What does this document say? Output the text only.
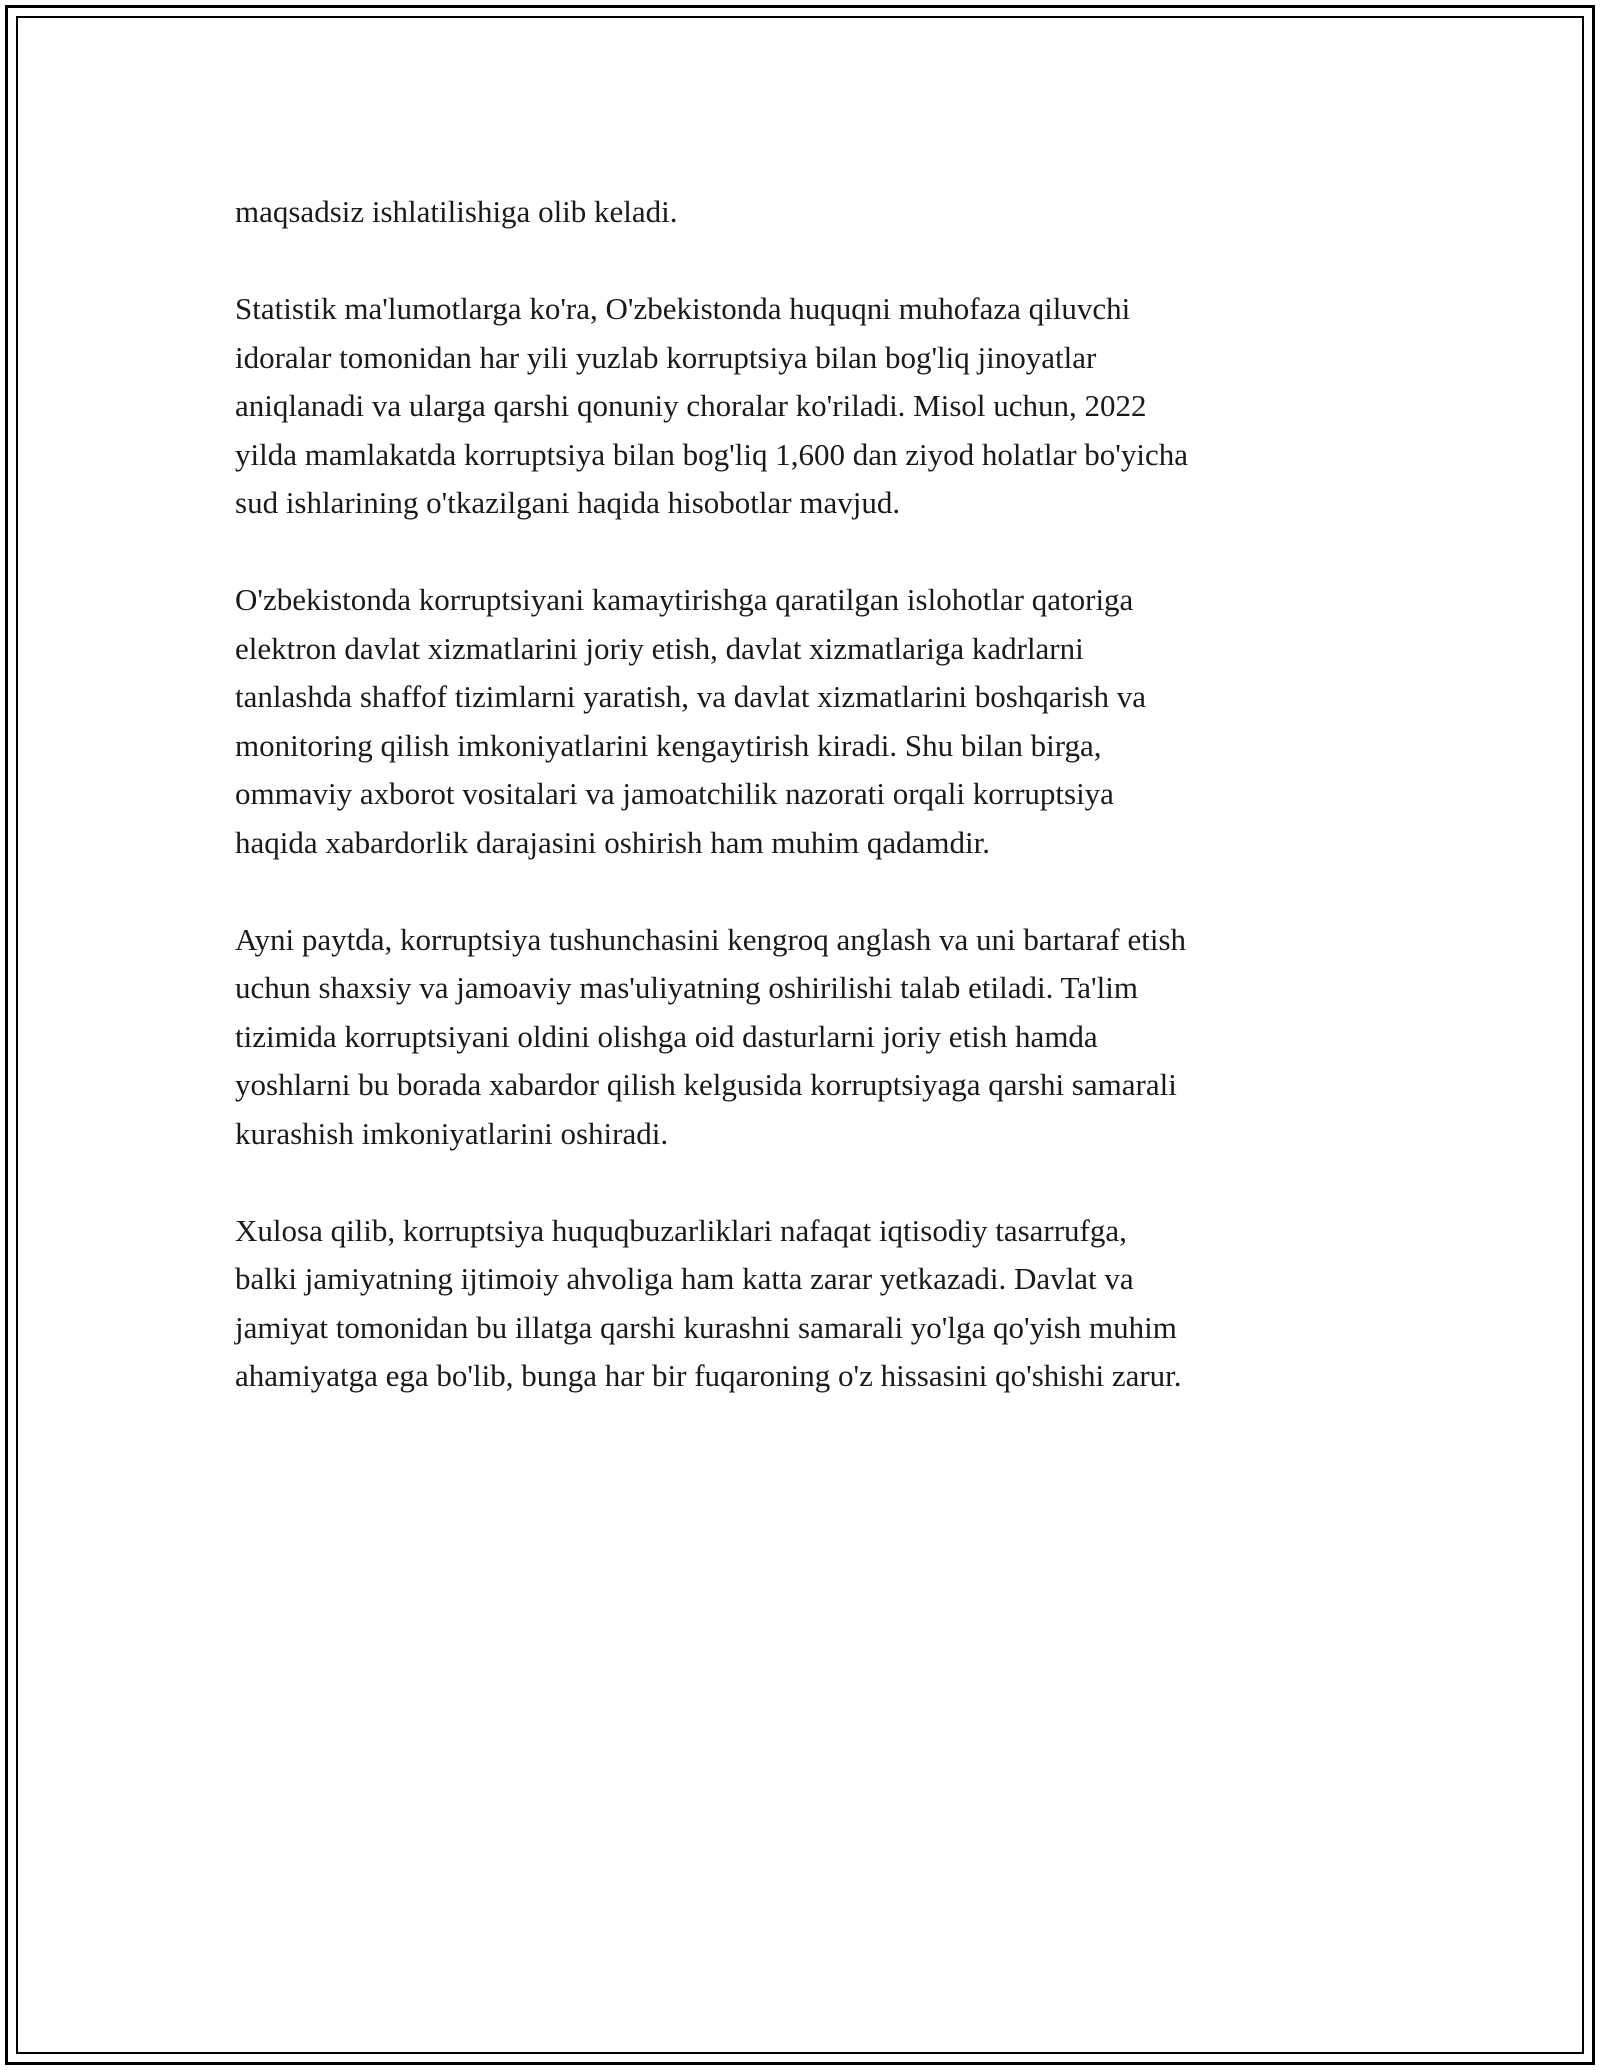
maqsadsiz ishlatilishiga olib keladi.

Statistik ma'lumotlarga ko'ra, O'zbekistonda huquqni muhofaza qiluvchi
idoralar tomonidan har yili yuzlab korruptsiya bilan bog'liq jinoyatlar
aniqlanadi va ularga qarshi qonuniy choralar ko'riladi. Misol uchun, 2022
yilda mamlakatda korruptsiya bilan bog'liq 1,600 dan ziyod holatlar bo'yicha
sud ishlarining o'tkazilgani haqida hisobotlar mavjud.

O'zbekistonda korruptsiyani kamaytirishga qaratilgan islohotlar qatoriga
elektron davlat xizmatlarini joriy etish, davlat xizmatlariga kadrlarni
tanlashda shaffof tizimlarni yaratish, va davlat xizmatlarini boshqarish va
monitoring qilish imkoniyatlarini kengaytirish kiradi. Shu bilan birga,
ommaviy axborot vositalari va jamoatchilik nazorati orqali korruptsiya
haqida xabardorlik darajasini oshirish ham muhim qadamdir.

Ayni paytda, korruptsiya tushunchasini kengroq anglash va uni bartaraf etish
uchun shaxsiy va jamoaviy mas'uliyatning oshirilishi talab etiladi. Ta'lim
tizimida korruptsiyani oldini olishga oid dasturlarni joriy etish hamda
yoshlarni bu borada xabardor qilish kelgusida korruptsiyaga qarshi samarali
kurashish imkoniyatlarini oshiradi.

Xulosa qilib, korruptsiya huquqbuzarliklari nafaqat iqtisodiy tasarrufga,
balki jamiyatning ijtimoiy ahvoliga ham katta zarar yetkazadi. Davlat va
jamiyat tomonidan bu illatga qarshi kurashni samarali yo'lga qo'yish muhim
ahamiyatga ega bo'lib, bunga har bir fuqaroning o'z hissasini qo'shishi zarur.
